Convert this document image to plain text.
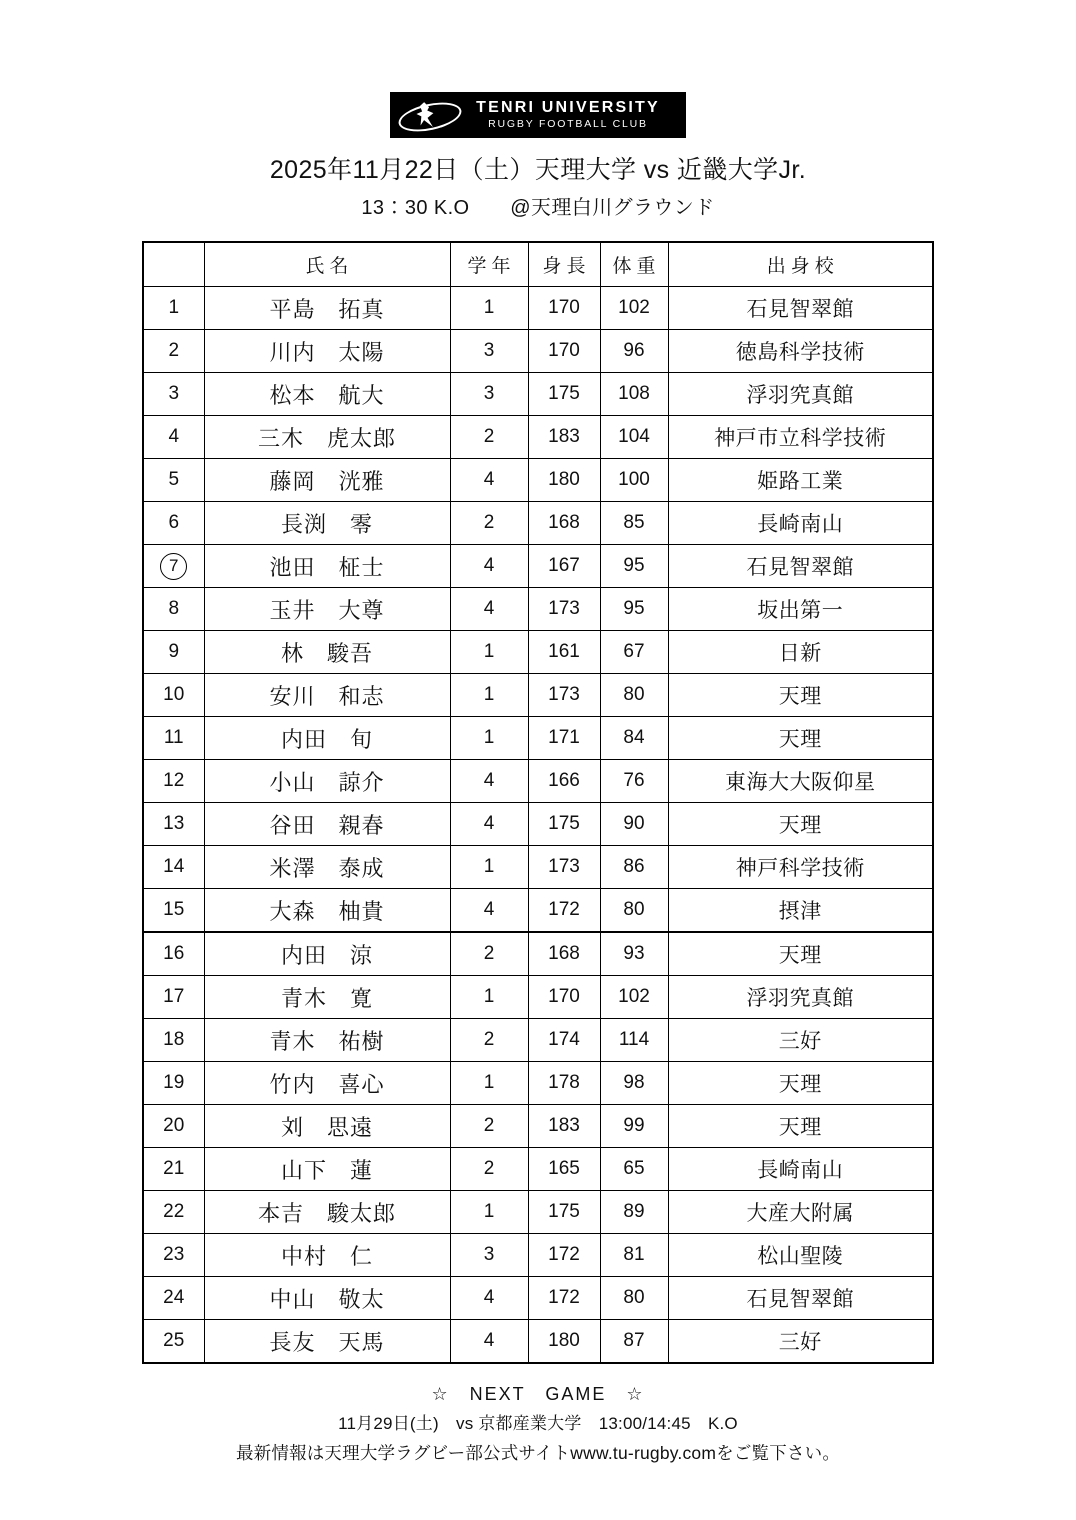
TENRI UNIVERSITY
RUGBY FOOTBALL CLUB
2025年11月22日（土）天理大学 vs 近畿大学Jr.
13：30 K.O　　@天理白川グラウンド
	氏名	学年	身長	体重	出身校
1	平島　拓真	1	170	102	石見智翠館
2	川内　太陽	3	170	96	徳島科学技術
3	松本　航大	3	175	108	浮羽究真館
4	三木　虎太郎	2	183	104	神戸市立科学技術
5	藤岡　洸雅	4	180	100	姫路工業
6	長渕　零	2	168	85	長崎南山
7	池田　柾士	4	167	95	石見智翠館
8	玉井　大尊	4	173	95	坂出第一
9	林　駿吾	1	161	67	日新
10	安川　和志	1	173	80	天理
11	内田　旬	1	171	84	天理
12	小山　諒介	4	166	76	東海大大阪仰星
13	谷田　親春	4	175	90	天理
14	米澤　泰成	1	173	86	神戸科学技術
15	大森　柚貴	4	172	80	摂津
16	内田　涼	2	168	93	天理
17	青木　寛	1	170	102	浮羽究真館
18	青木　祐樹	2	174	114	三好
19	竹内　喜心	1	178	98	天理
20	刘　思遠	2	183	99	天理
21	山下　蓮	2	165	65	長崎南山
22	本吉　駿太郎	1	175	89	大産大附属
23	中村　仁	3	172	81	松山聖陵
24	中山　敬太	4	172	80	石見智翠館
25	長友　天馬	4	180	87	三好
☆　NEXT　GAME　☆
11月29日(土)　vs 京都産業大学　13:00/14:45　K.O
最新情報は天理大学ラグビー部公式サイトwww.tu-rugby.comをご覧下さい。
